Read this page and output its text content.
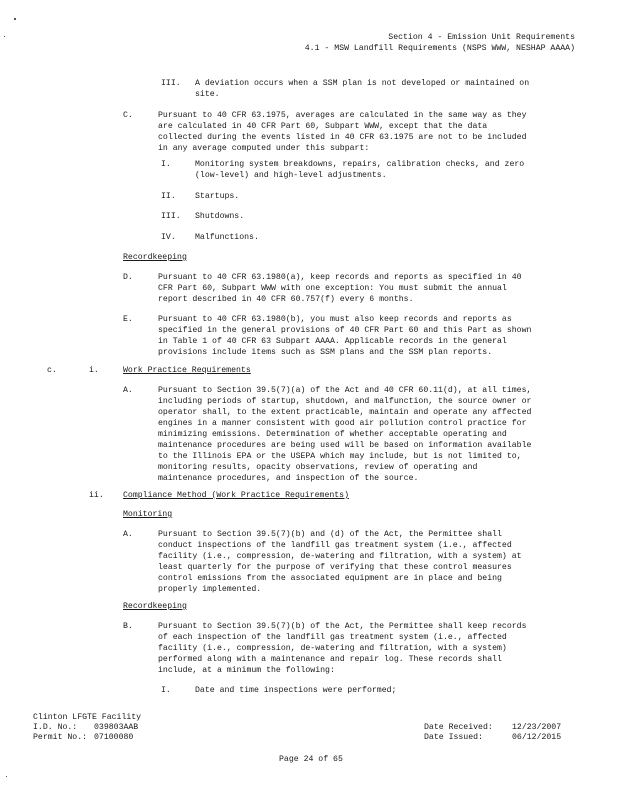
Section 4 - Emission Unit Requirements
4.1 - MSW Landfill Requirements (NSPS WWW, NESHAP AAAA)
III. A deviation occurs when a SSM plan is not developed or maintained on
site.
C.	Pursuant to 40 CFR 63.1975, averages are calculated in the same way as they
are calculated in 40 CFR Part 60, Subpart WWW, except that the data
collected during the events listed in 40 CFR 63.1975 are not to be included
in any average computed under this subpart:
I.	Monitoring system breakdowns, repairs, calibration checks, and zero
(low-level) and high-level adjustments.
II. Startups.
III. Shutdowns.
IV. Malfunctions.
Recordkeeping
D.	Pursuant to 40 CFR 63.1980(a), keep records and reports as specified in 40
CFR Part 60, Subpart WWW with one exception: You must submit the annual
report described in 40 CFR 60.757(f) every 6 months.
E.	Pursuant to 40 CFR 63.1980(b), you must also keep records and reports as
specified in the general provisions of 40 CFR Part 60 and this Part as shown
in Table 1 of 40 CFR 63 Subpart AAAA. Applicable records in the general
provisions include items such as SSM plans and the SSM plan reports.
c.	i.	Work Practice Requirements
A.	Pursuant to Section 39.5(7)(a) of the Act and 40 CFR 60.11(d), at all times,
including periods of startup, shutdown, and malfunction, the source owner or
operator shall, to the extent practicable, maintain and operate any affected
engines in a manner consistent with good air pollution control practice for
minimizing emissions. Determination of whether acceptable operating and
maintenance procedures are being used will be based on information available
to the Illinois EPA or the USEPA which may include, but is not limited to,
monitoring results, opacity observations, review of operating and
maintenance procedures, and inspection of the source.
ii. Compliance Method (Work Practice Requirements)
Monitoring
A.	Pursuant to Section 39.5(7)(b) and (d) of the Act, the Permittee shall
conduct inspections of the landfill gas treatment system (i.e., affected
facility (i.e., compression, de-watering and filtration, with a system) at
least quarterly for the purpose of verifying that these control measures
control emissions from the associated equipment are in place and being
properly implemented.
Recordkeeping
B.	Pursuant to Section 39.5(7)(b) of the Act, the Permittee shall keep records
of each inspection of the landfill gas treatment system (i.e., affected
facility (i.e., compression, de-watering and filtration, with a system)
performed along with a maintenance and repair log. These records shall
include, at a minimum the following:
I.	Date and time inspections were performed;
Clinton LFGTE Facility
I.D. No.: 039803AAB
Permit No.: 07100080
Date Received: 12/23/2007
Date Issued:	06/12/2015
Page 24 of 65
